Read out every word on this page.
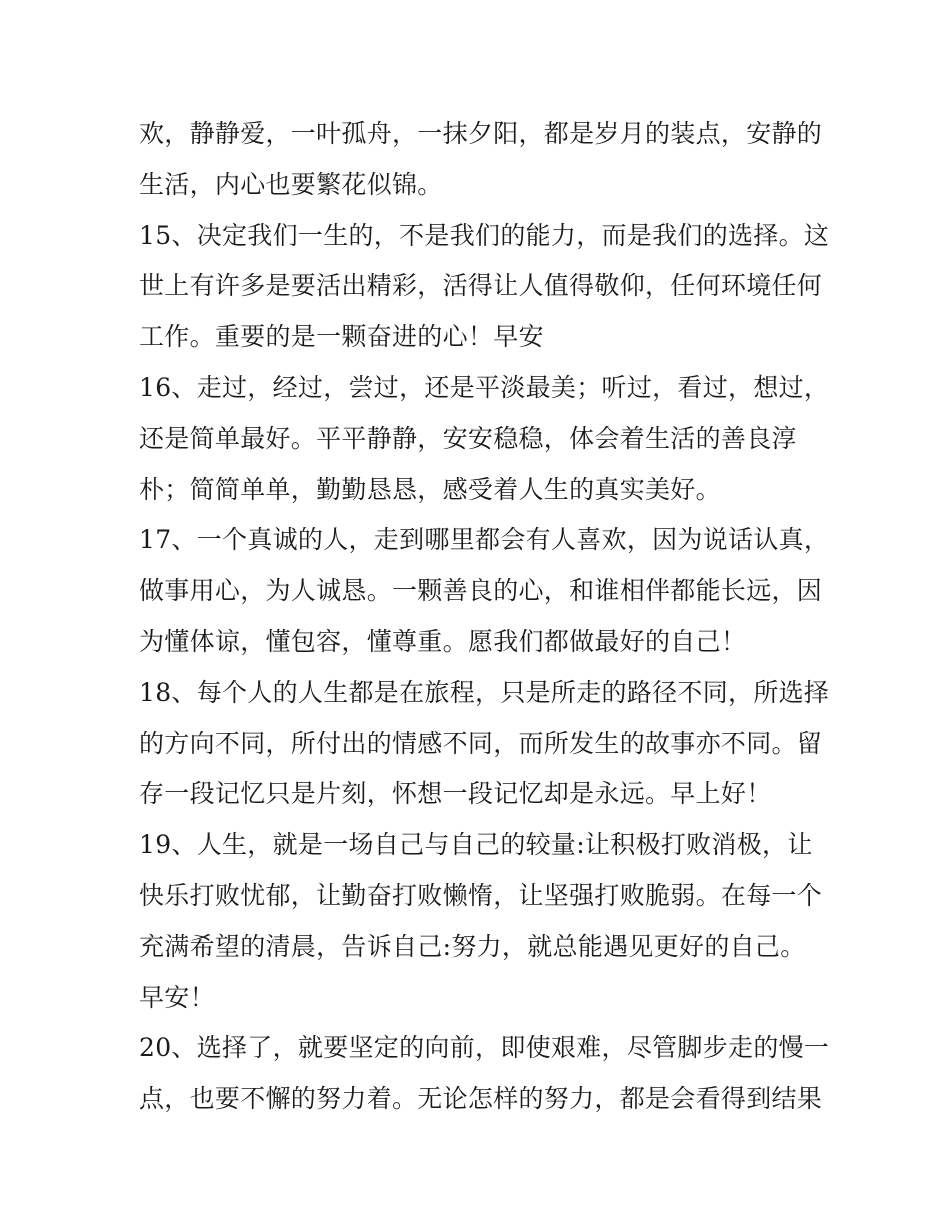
欢，静静爱，一叶孤舟，一抹夕阳，都是岁月的装点，安静的
生活，内心也要繁花似锦。
15、决定我们一生的，不是我们的能力，而是我们的选择。这
世上有许多是要活出精彩，活得让人值得敬仰，任何环境任何
工作。重要的是一颗奋进的心！早安
16、走过，经过，尝过，还是平淡最美；听过，看过，想过，
还是简单最好。平平静静，安安稳稳，体会着生活的善良淳
朴；简简单单，勤勤恳恳，感受着人生的真实美好。
17、一个真诚的人，走到哪里都会有人喜欢，因为说话认真，
做事用心，为人诚恳。一颗善良的心，和谁相伴都能长远，因
为懂体谅，懂包容，懂尊重。愿我们都做最好的自己！
18、每个人的人生都是在旅程，只是所走的路径不同，所选择
的方向不同，所付出的情感不同，而所发生的故事亦不同。留
存一段记忆只是片刻，怀想一段记忆却是永远。早上好！
19、人生，就是一场自己与自己的较量:让积极打败消极，让
快乐打败忧郁，让勤奋打败懒惰，让坚强打败脆弱。在每一个
充满希望的清晨，告诉自己:努力，就总能遇见更好的自己。
早安！
20、选择了，就要坚定的向前，即使艰难，尽管脚步走的慢一
点，也要不懈的努力着。无论怎样的努力，都是会看得到结果
